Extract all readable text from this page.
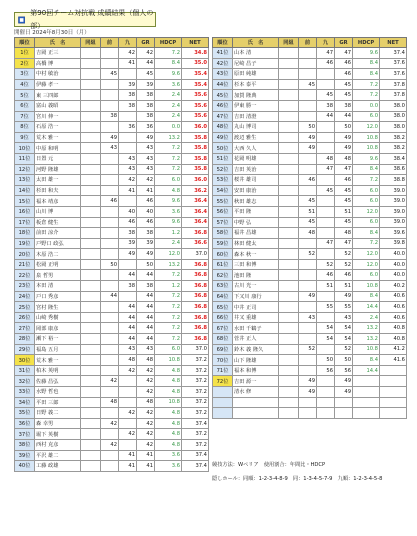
第90回チーム対抗戦 成績結果（個人の部）
開催日 2024年8月30日（月）
順位	氏　名	同組	前	九	GR	HDCP	NET
1位	吉岡 正三			42	42	7.2	34.8
2位	高橋 博			41	44	8.4	35.0
3位	中村 敏治		45		45	9.6	35.4
4位	伊藤 孝一			39	39	3.6	35.4
5位	東 三四郎			38	38	2.4	35.6
6位	富山 義昭			38	38	2.4	35.6
7位	宮川 伸一		38		38	2.4	35.6
8位	石原 浩一			36	36	0.0	36.0
9位	荒木 雅一		49		49	13.2	35.8
10位	中原 和明		43		43	7.2	35.8
11位	日置 元			43	43	7.2	35.8
12位	河野 隆雄			43	43	7.2	35.8
13位	太田 雄一			42	42	6.0	36.0
14位	杉田 和夫			41	41	4.8	36.2
15位	福本 靖彦		46		46	9.6	36.4
16位	山川 博			40	40	3.6	36.4
17位	板倉 健生			46	46	9.6	36.4
18位	前田 涼介			38	38	1.2	36.8
19位	戸野口 政弘			39	39	2.4	36.6
20位	木原 浩二			49	49	12.0	37.0
21位	松岡 正明		50		50	13.2	36.8
22位	泉 哲男			44	44	7.2	36.8
23位	本田 清			38	38	1.2	36.8
24位	戸口 秀彦		44		44	7.2	36.8
25位	宮村 隆生			44	44	7.2	36.8
26位	山崎 秀樹			44	44	7.2	36.8
27位	岡部 康彦			44	44	7.2	36.8
28位	瀬下 裕一			44	44	7.2	36.8
29位	福島 五月			43	43	6.0	37.0
30位	荒木 雅一			48	48	10.8	37.2
31位	柏木 英明			42	42	4.8	37.2
32位	佐藤 昌弘		42		42	4.8	37.2
33位	水野 哲也				42	4.8	37.2
34位	平田 三郎		48		48	10.8	37.2
35位	日野 義二			42	42	4.8	37.2
36位	森 幸男		42		42	4.8	37.4
37位	堀下 英樹			42	42	4.8	37.2
38位	西村 克彦		42		42	4.8	37.2
39位	平沢 雄二			41	41	3.6	37.4
40位	工藤 政雄			41	41	3.6	37.4
順位	氏　名	同組	前	九	GR	HDCP	NET
41位	山本 清			47	47	9.6	37.4
42位	尼崎 昌子			46	46	8.4	37.6
43位	原田 純雄				46	8.4	37.6
44位	杉本 泰平		45		45	7.2	37.8
45位	加賀 隆典			45	45	7.2	37.8
46位	伊東 勝一			38	38	0.0	38.0
47位	吉田 清澄			44	44	6.0	38.0
48位	丸山 博司		50		50	12.0	38.0
49位	渡辺 雅生		49		49	10.8	38.2
50位	大西 久人		49		49	10.8	38.2
51位	花岡 明雄			48	48	9.6	38.4
52位	吉田 英治			47	47	8.4	38.6
53位	桜井 雄司		46		46	7.2	38.8
54位	安田 康治			45	45	6.0	39.0
55位	秋田 雄志		45		45	6.0	39.0
56位	平田 隆		51		51	12.0	39.0
57位	中野 弘		45		45	6.0	39.0
58位	福井 昌雄		48		48	8.4	39.6
59位	林田 健太			47	47	7.2	39.8
60位	森本 秋一		52		52	12.0	40.0
61位	三田 和博			52	52	12.0	40.0
62位	池田 隆			46	46	6.0	40.0
63位	古川 光一			51	51	10.8	40.2
64位	下又川 康行		49		49	8.4	40.6
65位	中井 正司			55	55	14.4	40.6
66位	井又 重雄		43		43	2.4	40.6
67位	水田 千鶴子			54	54	13.2	40.8
68位	菅井 正人			54	54	13.2	40.8
69位	鈴木 義 隆久		52		52	10.8	41.2
70位	山下 隆雄			50	50	8.4	41.6
71位	福本 和博			56	56	14.4	
72位	吉田 源一		49		49		
	清水 修		49		49		

競技方法：Wペリア　使用割合：年間比・HDCP
隠しホール：同順：1-2-3-4-8-9　同：1-3-4-5-7-9　九順：1-2-3-4-5-8
